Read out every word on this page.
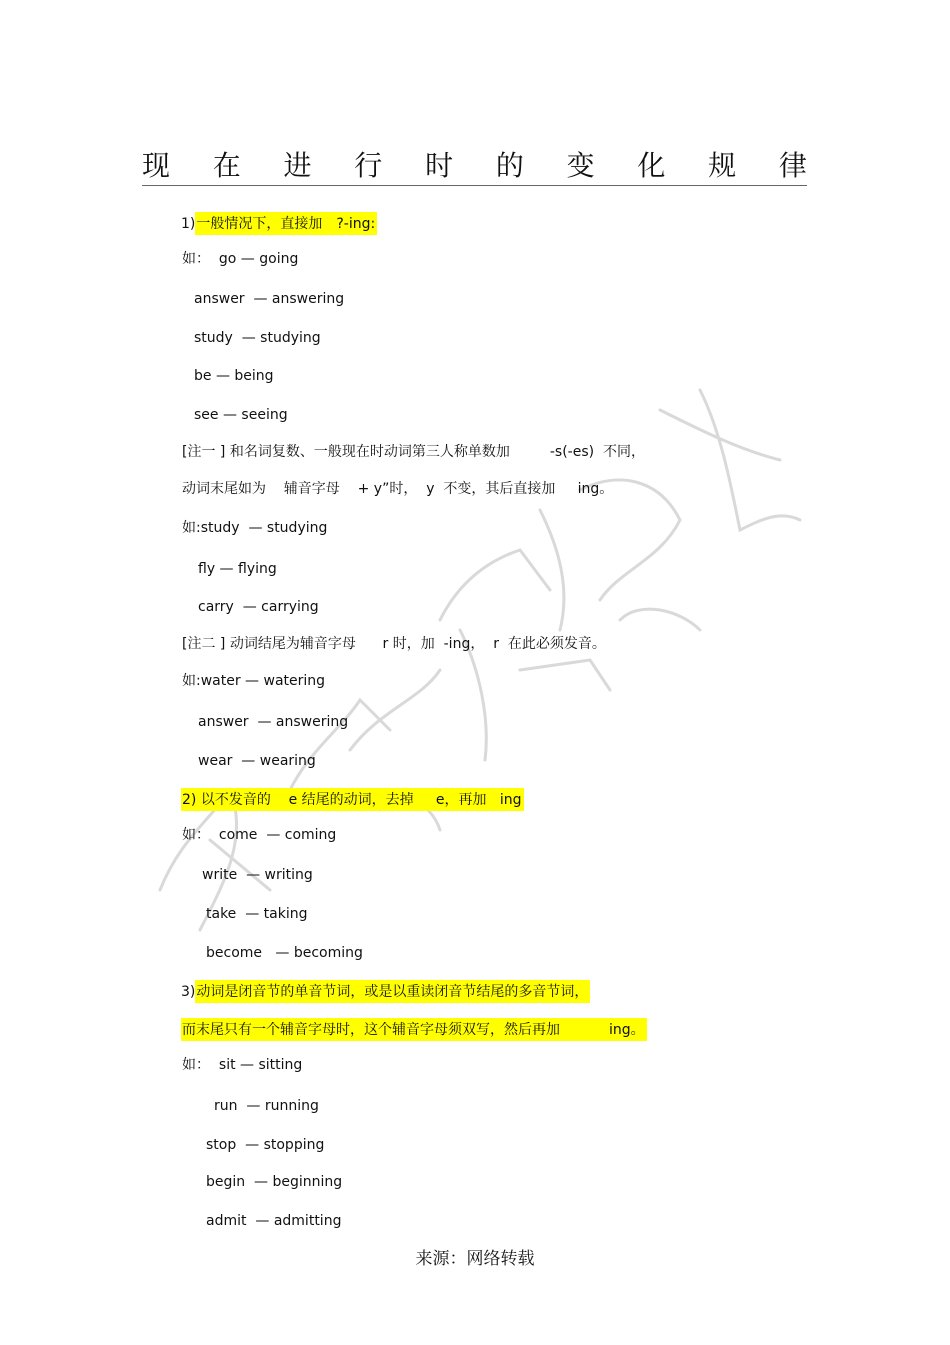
现 在 进 行 时 的 变 化 规 律
1)一般情况下，直接加　?-ing:
如：  go — going
answer  — answering
study  — studying
be — being
see — seeing
[注一 ] 和名词复数、一般现在时动词第三人称单数加         -s(-es)  不同，
动词末尾如为    辅音字母    + y”时，  y  不变，其后直接加     ing。
如:study  — studying
fly — flying
carry  — carrying
[注二 ] 动词结尾为辅音字母      r 时，加  -ing，  r  在此必须发音。
如:water — watering
answer  — answering
wear  — wearing
2) 以不发音的    e 结尾的动词，去掉     e，再加   ing
如：  come  — coming
write  — writing
take  — taking
become   — becoming
3)动词是闭音节的单音节词，或是以重读闭音节结尾的多音节词，
而末尾只有一个辅音字母时，这个辅音字母须双写，然后再加           ing。
如：  sit — sitting
run  — running
stop  — stopping
begin  — beginning
admit  — admitting
来源：网络转载
